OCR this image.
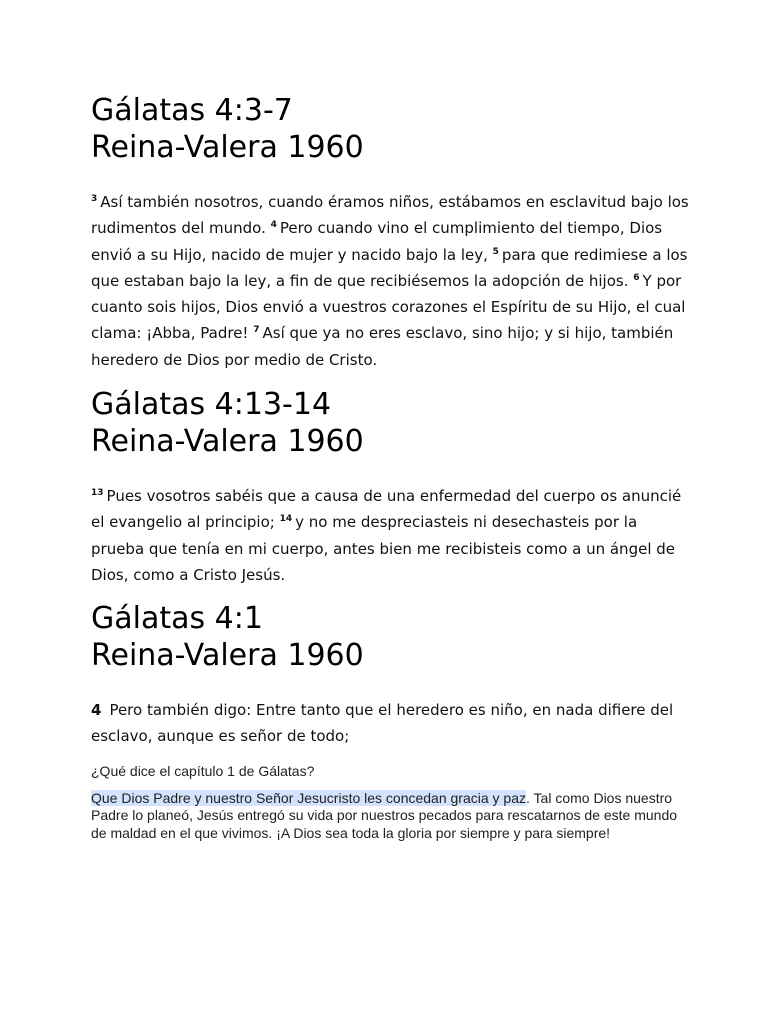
Gálatas 4:3-7
Reina-Valera 1960

$^3$ Así también nosotros, cuando éramos niños, estábamos en esclavitud bajo los rudimentos del mundo. $^4$ Pero cuando vino el cumplimiento del tiempo, Dios envió a su Hijo, nacido de mujer y nacido bajo la ley, $^5$ para que redimiese a los que estaban bajo la ley, a fin de que recibiésemos la adopción de hijos. $^6$ Y por cuanto sois hijos, Dios envió a vuestros corazones el Espíritu de su Hijo, el cual clama: ¡Abba, Padre! $^7$ Así que ya no eres esclavo, sino hijo; y si hijo, también heredero de Dios por medio de Cristo.

Gálatas 4:13-14
Reina-Valera 1960

$^{13}$ Pues vosotros sabéis que a causa de una enfermedad del cuerpo os anuncié el evangelio al principio; $^{14}$ y no me despreciasteis ni desechasteis por la prueba que tenía en mi cuerpo, antes bien me recibisteis como a un ángel de Dios, como a Cristo Jesús.

Gálatas 4:1
Reina-Valera 1960

4 Pero también digo: Entre tanto que el heredero es niño, en nada difiere del esclavo, aunque es señor de todo;

¿Qué dice el capítulo 1 de Gálatas?

Que Dios Padre y nuestro Señor Jesucristo les concedan gracia y paz. Tal como Dios nuestro Padre lo planeó, Jesús entregó su vida por nuestros pecados para rescatarnos de este mundo de maldad en el que vivimos. ¡A Dios sea toda la gloria por siempre y para siempre!
